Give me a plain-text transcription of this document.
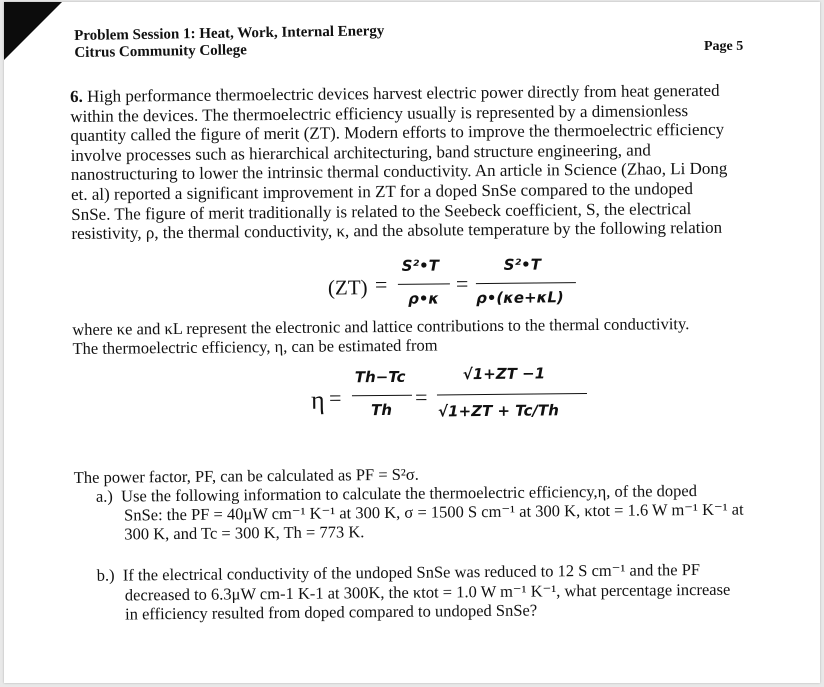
Problem Session 1: Heat, Work, Internal Energy
Citrus Community College	Page 5

6. High performance thermoelectric devices harvest electric power directly from heat generated
within the devices. The thermoelectric efficiency usually is represented by a dimensionless
quantity called the figure of merit (ZT). Modern efforts to improve the thermoelectric efficiency
involve processes such as hierarchical architecturing, band structure engineering, and
nanostructuring to lower the intrinsic thermal conductivity. An article in Science (Zhao, Li Dong
et. al) reported a significant improvement in ZT for a doped SnSe compared to the undoped
SnSe. The figure of merit traditionally is related to the Seebeck coefficient, S, the electrical
resistivity, ρ, the thermal conductivity, κ, and the absolute temperature by the following relation

(ZT) =
S²•T
ρ•κ
=
S²•T
ρ•(κe+κL)

where κe and κL represent the electronic and lattice contributions to the thermal conductivity.
The thermoelectric efficiency, η, can be estimated from

η =
Th−Tc
Th
=
√1+ZT −1
√1+ZT + Tc/Th

The power factor, PF, can be calculated as PF = S²σ.

a.) Use the following information to calculate the thermoelectric efficiency,η, of the doped
SnSe: the PF = 40μW cm⁻¹ K⁻¹ at 300 K, σ = 1500 S cm⁻¹ at 300 K, κtot = 1.6 W m⁻¹ K⁻¹ at
300 K, and Tc = 300 K, Th = 773 K.

b.) If the electrical conductivity of the undoped SnSe was reduced to 12 S cm⁻¹ and the PF
decreased to 6.3μW cm-1 K-1 at 300K, the κtot = 1.0 W m⁻¹ K⁻¹, what percentage increase
in efficiency resulted from doped compared to undoped SnSe?
